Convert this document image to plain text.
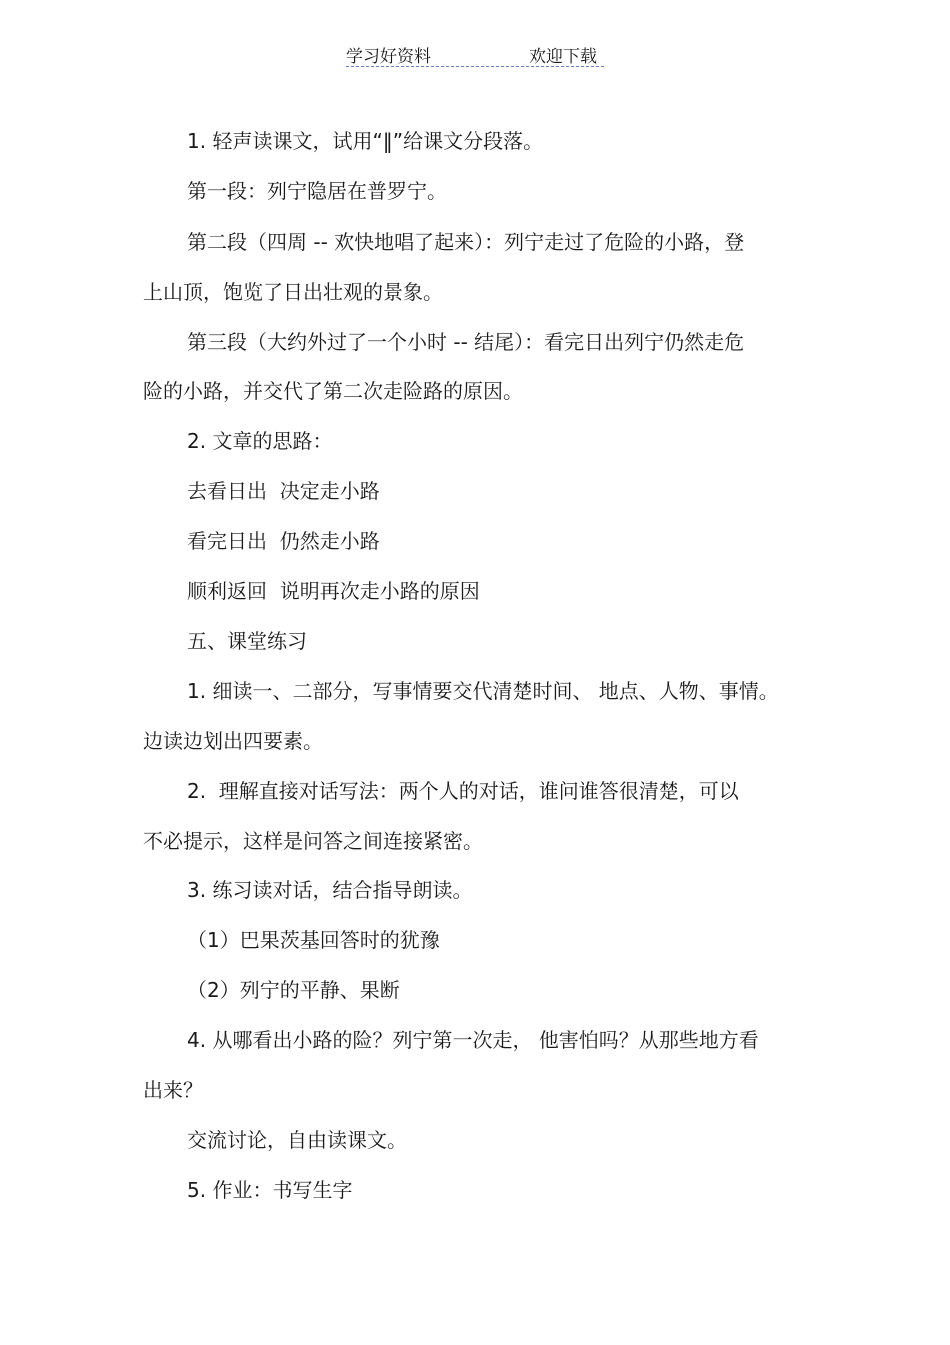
学习好资料	欢迎下载
1. 轻声读课文，试用“‖”给课文分段落。
第一段：列宁隐居在普罗宁。
第二段（四周 -- 欢快地唱了起来）：列宁走过了危险的小路，登
上山顶，饱览了日出壮观的景象。
第三段（大约外过了一个小时 -- 结尾）：看完日出列宁仍然走危
险的小路，并交代了第二次走险路的原因。
2. 文章的思路：
去看日出  决定走小路
看完日出  仍然走小路
顺利返回  说明再次走小路的原因
五、课堂练习
1. 细读一、二部分，写事情要交代清楚时间、 地点、人物、事情。
边读边划出四要素。
2.  理解直接对话写法：两个人的对话，谁问谁答很清楚，可以
不必提示，这样是问答之间连接紧密。
3. 练习读对话，结合指导朗读。
（1）巴果茨基回答时的犹豫
（2）列宁的平静、果断
4. 从哪看出小路的险？列宁第一次走， 他害怕吗？从那些地方看
出来？
交流讨论，自由读课文。
5. 作业：书写生字
